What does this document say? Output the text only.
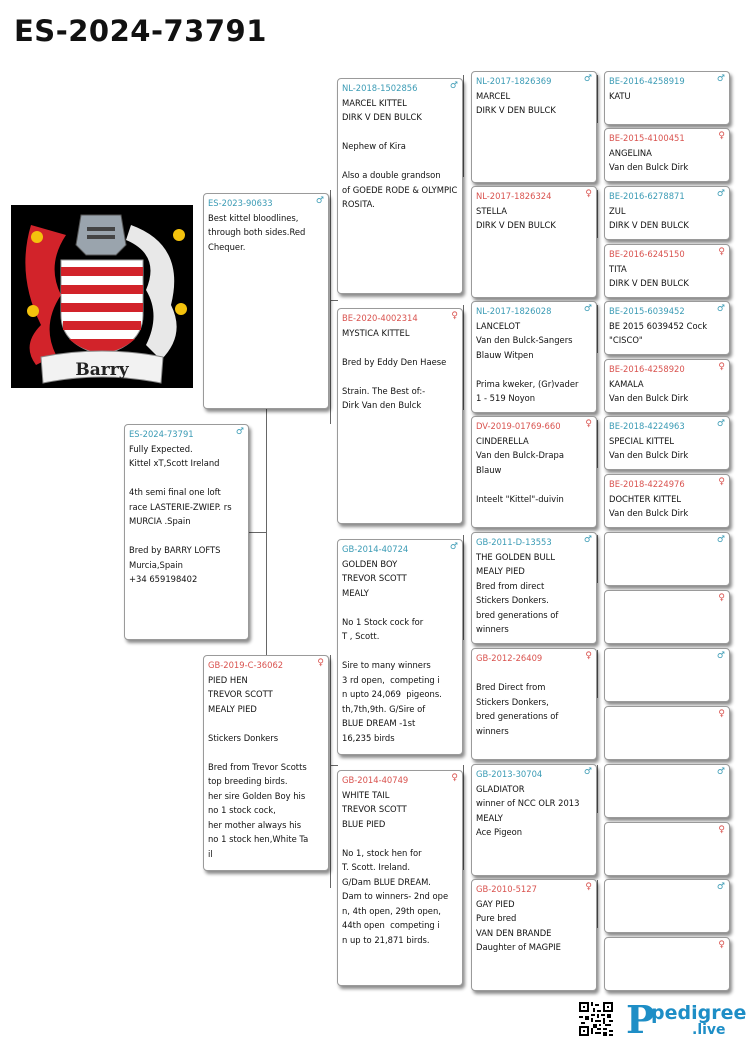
ES-2024-73791
Barry
ES-2024-73791	♂
Fully Expected.
Kittel xT,Scott Ireland
4th semi final one loft
race LASTERIE-ZWIEP. rs
MURCIA .Spain
Bred by BARRY LOFTS
Murcia,Spain
+34 659198402
ES-2023-90633	♂
Best kittel bloodlines,
through both sides.Red
Chequer.
GB-2019-C-36062	♀
PIED HEN
TREVOR SCOTT
MEALY PIED
Stickers Donkers
Bred from Trevor Scotts
top breeding birds.
her sire Golden Boy his
no 1 stock cock,
her mother always his
no 1 stock hen,White Ta
il
NL-2018-1502856	♂
MARCEL KITTEL
DIRK V DEN BULCK
Nephew of Kira
Also a double grandson
of GOEDE RODE & OLYMPIC
ROSITA.
BE-2020-4002314	♀
MYSTICA KITTEL
Bred by Eddy Den Haese
Strain. The Best of:-
Dirk Van den Bulck
GB-2014-40724	♂
GOLDEN BOY
TREVOR SCOTT
MEALY
No 1 Stock cock for
T , Scott.
Sire to many winners
3 rd open,  competing i
n upto 24,069  pigeons.
th,7th,9th. G/Sire of
BLUE DREAM -1st
16,235 birds
GB-2014-40749	♀
WHITE TAIL
TREVOR SCOTT
BLUE PIED
No 1, stock hen for
T. Scott. Ireland.
G/Dam BLUE DREAM.
Dam to winners- 2nd ope
n, 4th open, 29th open,
44th open  competing i
n up to 21,871 birds.
NL-2017-1826369	♂
MARCEL
DIRK V DEN BULCK
NL-2017-1826324	♀
STELLA
DIRK V DEN BULCK
NL-2017-1826028	♂
LANCELOT
Van den Bulck-Sangers
Blauw Witpen
Prima kweker, (Gr)vader
1 - 519 Noyon
DV-2019-01769-660	♀
CINDERELLA
Van den Bulck-Drapa
Blauw
Inteelt "Kittel"-duivin
GB-2011-D-13553	♂
THE GOLDEN BULL
MEALY PIED
Bred from direct
Stickers Donkers.
bred generations of
winners
GB-2012-26409	♀
Bred Direct from
Stickers Donkers,
bred generations of
winners
GB-2013-30704	♂
GLADIATOR
winner of NCC OLR 2013
MEALY
Ace Pigeon
GB-2010-5127	♀
GAY PIED
Pure bred
VAN DEN BRANDE
Daughter of MAGPIE
BE-2016-4258919	♂
KATU
BE-2015-4100451	♀
ANGELINA
Van den Bulck Dirk
BE-2016-6278871	♂
ZUL
DIRK V DEN BULCK
BE-2016-6245150	♀
TITA
DIRK V DEN BULCK
BE-2015-6039452	♂
BE 2015 6039452 Cock
"CISCO"
BE-2016-4258920	♀
KAMALA
Van den Bulck Dirk
BE-2018-4224963	♂
SPECIAL KITTEL
Van den Bulck Dirk
BE-2018-4224976	♀
DOCHTER KITTEL
Van den Bulck Dirk
♂
♀
♂
♀
♂
♀
♂
♀
P
pedigree
.live
